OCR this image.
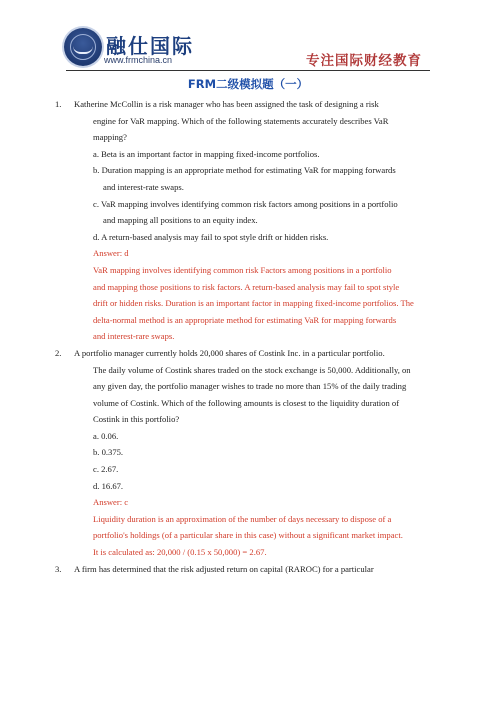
融仕国际
www.frmchina.cn	专注国际财经教育
FRM二级模拟题（一）
1. Katherine McCollin is a risk manager who has been assigned the task of designing a risk
engine for VaR mapping. Which of the following statements accurately describes VaR
mapping?
a. Beta is an important factor in mapping fixed-income portfolios.
b. Duration mapping is an appropriate method for estimating VaR for mapping forwards
and interest-rate swaps.
c. VaR mapping involves identifying common risk factors among positions in a portfolio
and mapping all positions to an equity index.
d. A return-based analysis may fail to spot style drift or hidden risks.
Answer: d
VaR mapping involves identifying common risk Factors among positions in a portfolio
and mapping those positions to risk factors. A return-based analysis may fail to spot style
drift or hidden risks. Duration is an important factor in mapping fixed-income portfolios. The
delta-normal method is an appropriate method for estimating VaR for mapping forwards
and interest-rare swaps.
2. A portfolio manager currently holds 20,000 shares of Costink Inc. in a particular portfolio.
The daily volume of Costink shares traded on the stock exchange is 50,000. Additionally, on
any given day, the portfolio manager wishes to trade no more than 15% of the daily trading
volume of Costink. Which of the following amounts is closest to the liquidity duration of
Costink in this portfolio?
a. 0.06.
b. 0.375.
c. 2.67.
d. 16.67.
Answer: c
Liquidity duration is an approximation of the number of days necessary to dispose of a
portfolio's holdings (of a particular share in this case) without a significant market impact.
It is calculated as: 20,000 / (0.15 x 50,000) = 2.67.
3. A firm has determined that the risk adjusted return on capital (RAROC) for a particular
